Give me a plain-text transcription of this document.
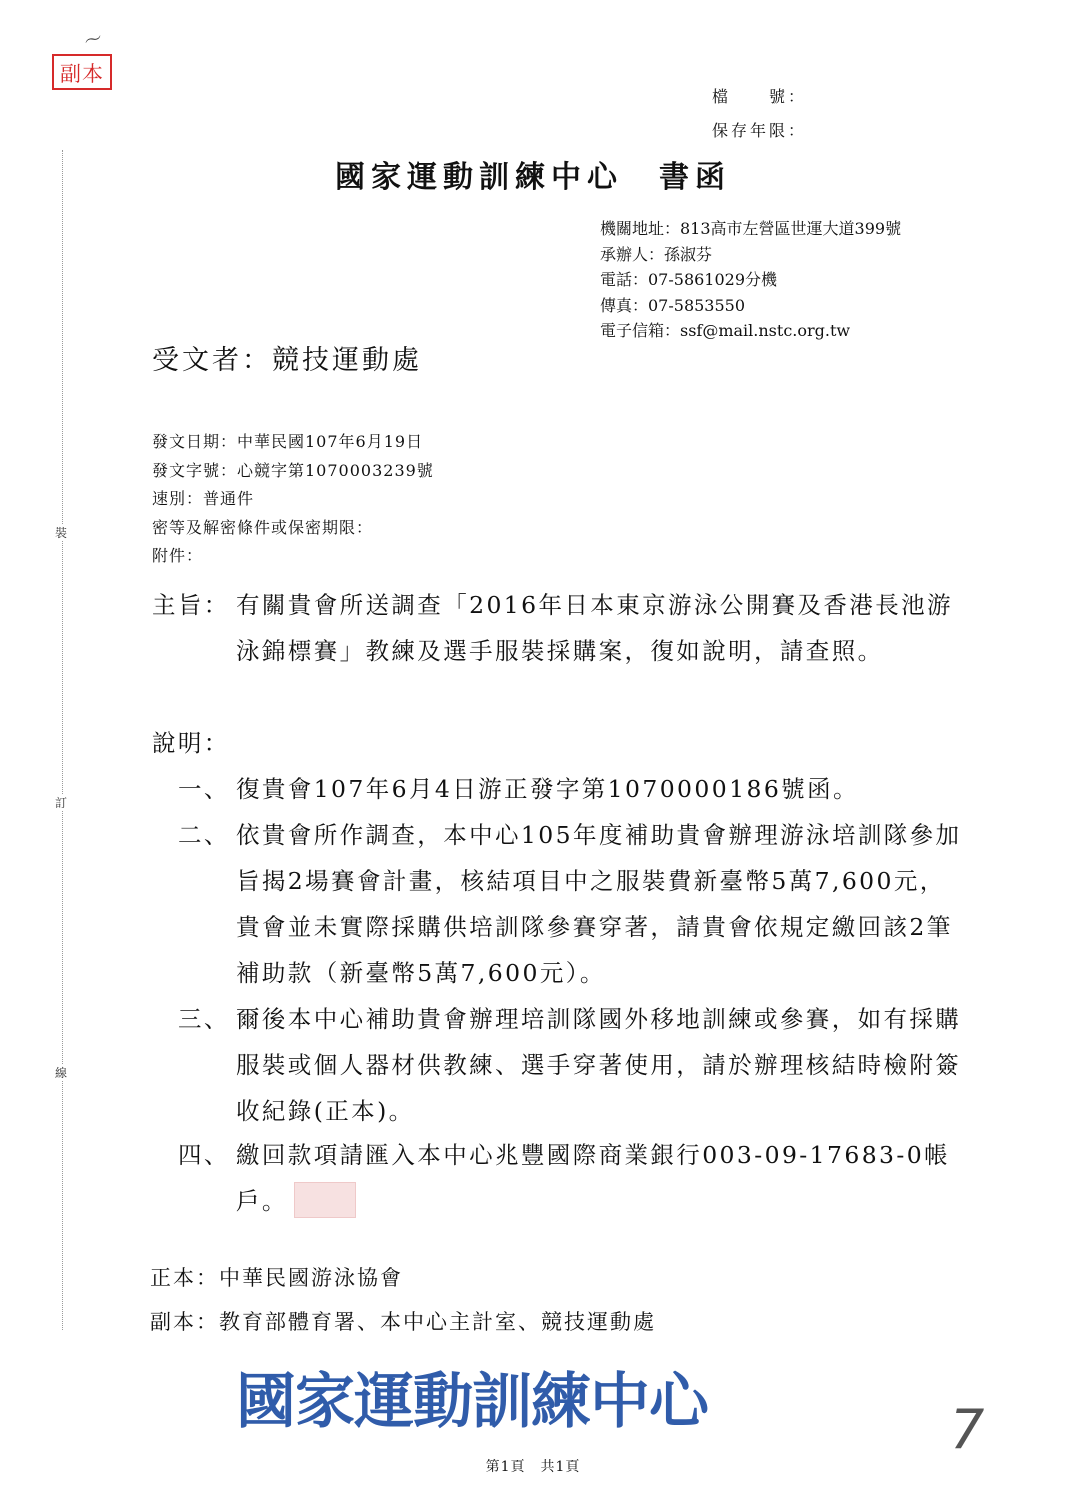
〜
副本
檔　　號：
保存年限：
國家運動訓練中心　書函
機關地址：813高市左營區世運大道399號
承辦人：孫淑芬
電話：07-5861029分機
傳真：07-5853550
電子信箱：ssf@mail.nstc.org.tw
受文者：競技運動處
發文日期：中華民國107年6月19日
發文字號：心競字第1070003239號
速別：普通件
密等及解密條件或保密期限：
附件：
裝
訂
線
主旨： 有關貴會所送調查「2016年日本東京游泳公開賽及香港長池游泳錦標賽」教練及選手服裝採購案，復如說明，請查照。
說明：
一、 復貴會107年6月4日游正發字第1070000186號函。
二、 依貴會所作調查，本中心105年度補助貴會辦理游泳培訓隊參加旨揭2場賽會計畫，核結項目中之服裝費新臺幣5萬7,600元，貴會並未實際採購供培訓隊參賽穿著，請貴會依規定繳回該2筆補助款（新臺幣5萬7,600元）。
三、 爾後本中心補助貴會辦理培訓隊國外移地訓練或參賽，如有採購服裝或個人器材供教練、選手穿著使用，請於辦理核結時檢附簽收紀錄(正本)。
四、 繳回款項請匯入本中心兆豐國際商業銀行003-09-17683-0帳戶。
正本：中華民國游泳協會
副本：教育部體育署、本中心主計室、競技運動處
國家運動訓練中心	7
第1頁　共1頁
